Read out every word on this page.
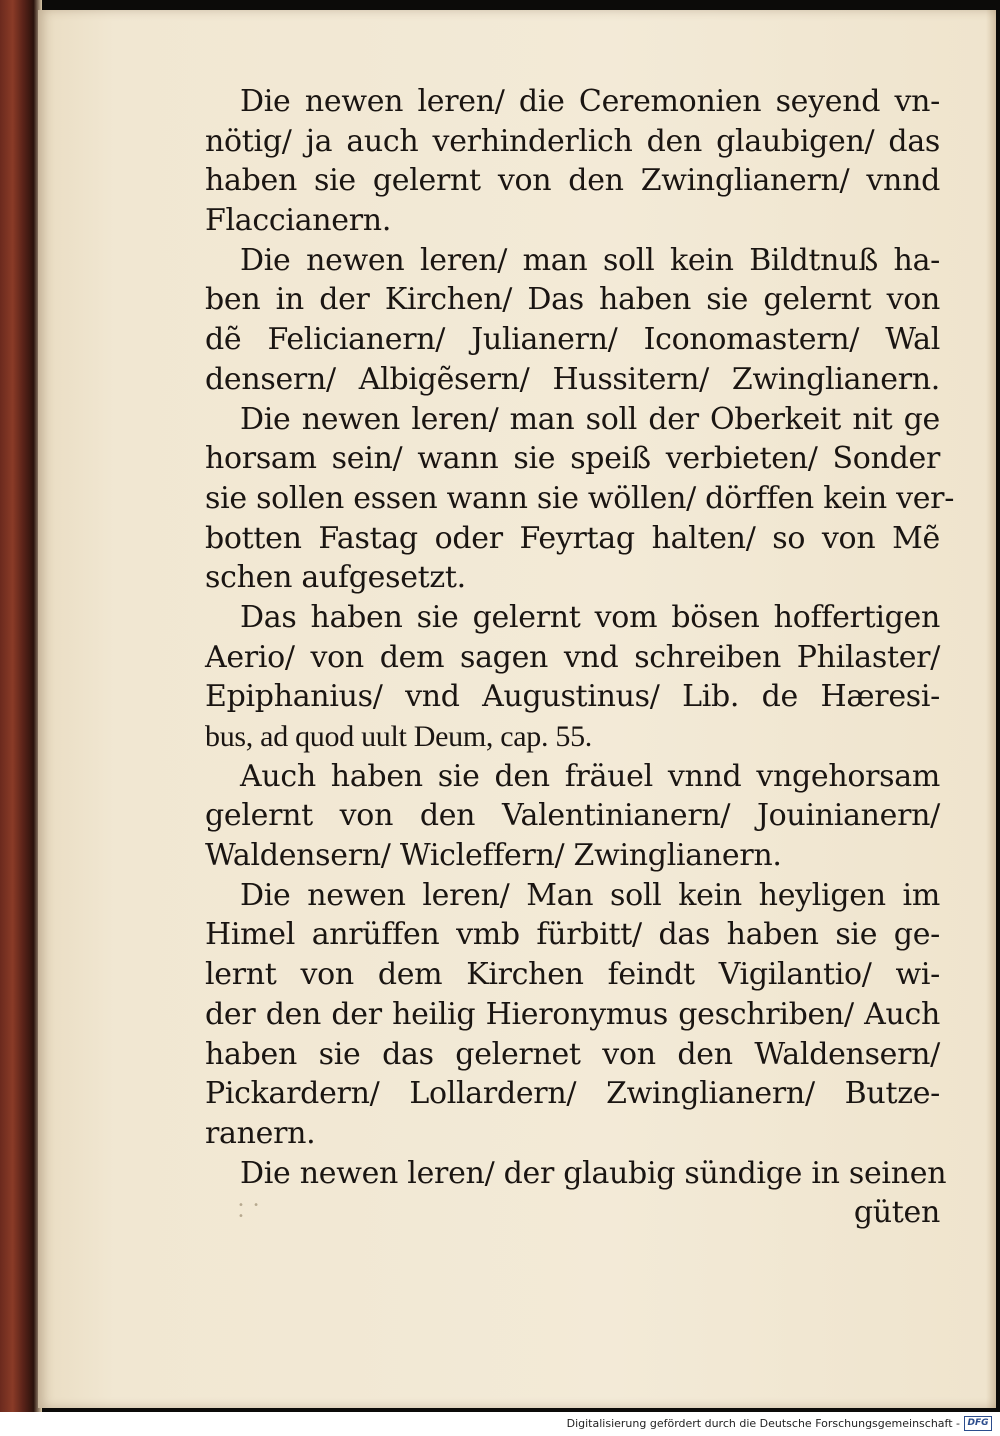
Die newen leren/ die Ceremonien seyend vn-
nötig/ ja auch verhinderlich den glaubigen/ das
haben sie gelernt von den Zwinglianern/ vnnd
Flaccianern.
Die newen leren/ man soll kein Bildtnuß ha-
ben in der Kirchen/ Das haben sie gelernt von
dẽ Felicianern/ Julianern/ Iconomastern/ Wal
densern/ Albigẽsern/ Hussitern/ Zwinglianern.
Die newen leren/ man soll der Oberkeit nit ge
horsam sein/ wann sie speiß verbieten/ Sonder
sie sollen essen wann sie wöllen/ dörffen kein ver-
botten Fastag oder Feyrtag halten/ so von Mẽ
schen aufgesetzt.
Das haben sie gelernt vom bösen hoffertigen
Aerio/ von dem sagen vnd schreiben Philaster/
Epiphanius/ vnd Augustinus/ Lib. de Hæresi-
bus, ad quod uult Deum, cap. 55.
Auch haben sie den fräuel vnnd vngehorsam
gelernt von den Valentinianern/ Jouinianern/
Waldensern/ Wicleffern/ Zwinglianern.
Die newen leren/ Man soll kein heyligen im
Himel anrüffen vmb fürbitt/ das haben sie ge-
lernt von dem Kirchen feindt Vigilantio/ wi-
der den der heilig Hieronymus geschriben/ Auch
haben sie das gelernet von den Waldensern/
Pickardern/ Lollardern/ Zwinglianern/ Butze-
ranern.
Die newen leren/ der glaubig sündige in seinen
güten
• • •
Digitalisierung gefördert durch die Deutsche Forschungsgemeinschaft - DFG
